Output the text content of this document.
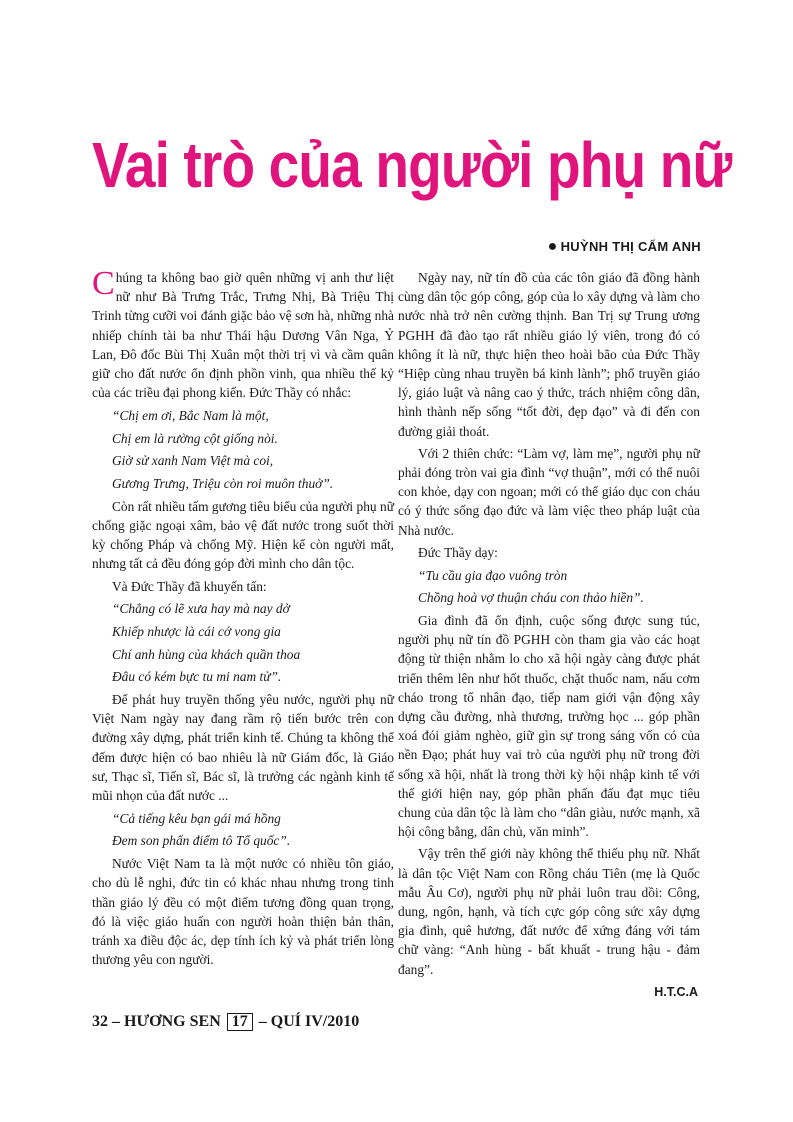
Vai trò của người phụ nữ
● HUỲNH THỊ CẨM ANH

Chúng ta không bao giờ quên những vị anh thư liệt nữ như Bà Trưng Trắc, Trưng Nhị, Bà Triệu Thị Trinh từng cưỡi voi đánh giặc bảo vệ sơn hà, những nhà nhiếp chính tài ba như Thái hậu Dương Vân Nga, Ỷ Lan, Đô đốc Bùi Thị Xuân một thời trị vì và cầm quân giữ cho đất nước ổn định phồn vinh, qua nhiều thế kỷ của các triều đại phong kiến. Đức Thầy có nhắc:

“Chị em ơi, Bắc Nam là một,

Chị em là rường cột giống nòi.

Giờ sử xanh Nam Việt mà coi,

Gương Trưng, Triệu còn roi muôn thuở”.

Còn rất nhiều tấm gương tiêu biểu của người phụ nữ chống giặc ngoại xâm, bảo vệ đất nước trong suốt thời kỳ chống Pháp và chống Mỹ. Hiện kể còn người mất, nhưng tất cả đều đóng góp đời mình cho dân tộc.

Và Đức Thầy đã khuyến tấn:

“Chẳng có lẽ xưa hay mà nay dở

Khiếp nhược là cái cớ vong gia

Chí anh hùng của khách quần thoa

Đâu có kém bực tu mi nam tử”.

Để phát huy truyền thống yêu nước, người phụ nữ Việt Nam ngày nay đang rầm rộ tiến bước trên con đường xây dựng, phát triển kinh tế. Chúng ta không thể đếm được hiện có bao nhiêu là nữ Giám đốc, là Giáo sư, Thạc sĩ, Tiến sĩ, Bác sĩ, là trưởng các ngành kinh tế mũi nhọn của đất nước ...

“Cả tiếng kêu bạn gái má hồng

Đem son phấn điểm tô Tổ quốc”.

Nước Việt Nam ta là một nước có nhiều tôn giáo, cho dù lễ nghi, đức tin có khác nhau nhưng trong tinh thần giáo lý đều có một điểm tương đồng quan trọng, đó là việc giáo huấn con người hoàn thiện bản thân, tránh xa điều độc ác, dẹp tính ích kỷ và phát triển lòng thương yêu con người.

Ngày nay, nữ tín đồ của các tôn giáo đã đồng hành cùng dân tộc góp công, góp của lo xây dựng và làm cho nước nhà trở nên cường thịnh. Ban Trị sự Trung ương PGHH đã đào tạo rất nhiều giáo lý viên, trong đó có không ít là nữ, thực hiện theo hoài bão của Đức Thầy “Hiệp cùng nhau truyền bá kinh lành”; phổ truyền giáo lý, giáo luật và nâng cao ý thức, trách nhiệm công dân, hình thành nếp sống “tốt đời, đẹp đạo” và đi đến con đường giải thoát.

Với 2 thiên chức: “Làm vợ, làm mẹ”, người phụ nữ phải đóng tròn vai gia đình “vợ thuận”, mới có thể nuôi con khỏe, dạy con ngoan; mới có thể giáo dục con cháu có ý thức sống đạo đức và làm việc theo pháp luật của Nhà nước.

Đức Thầy dạy:

“Tu cầu gia đạo vuông tròn

Chồng hoà vợ thuận cháu con thảo hiền”.

Gia đình đã ổn định, cuộc sống được sung túc, người phụ nữ tín đồ PGHH còn tham gia vào các hoạt động từ thiện nhằm lo cho xã hội ngày càng được phát triển thêm lên như hốt thuốc, chặt thuốc nam, nấu cơm cháo trong tổ nhân đạo, tiếp nam giới vận động xây dựng cầu đường, nhà thương, trường học ... góp phần xoá đói giảm nghèo, giữ gìn sự trong sáng vốn có của nền Đạo; phát huy vai trò của người phụ nữ trong đời sống xã hội, nhất là trong thời kỳ hội nhập kinh tế với thế giới hiện nay, góp phần phấn đấu đạt mục tiêu chung của dân tộc là làm cho “dân giàu, nước mạnh, xã hội công bằng, dân chủ, văn minh”.

Vậy trên thế giới này không thể thiếu phụ nữ. Nhất là dân tộc Việt Nam con Rồng cháu Tiên (mẹ là Quốc mẫu Âu Cơ), người phụ nữ phải luôn trau dồi: Công, dung, ngôn, hạnh, và tích cực góp công sức xây dựng gia đình, quê hương, đất nước để xứng đáng với tám chữ vàng: “Anh hùng - bất khuất - trung hậu - đảm đang”.

H.T.C.A
32 – HƯƠNG SEN 17 – QUÍ IV/2010
